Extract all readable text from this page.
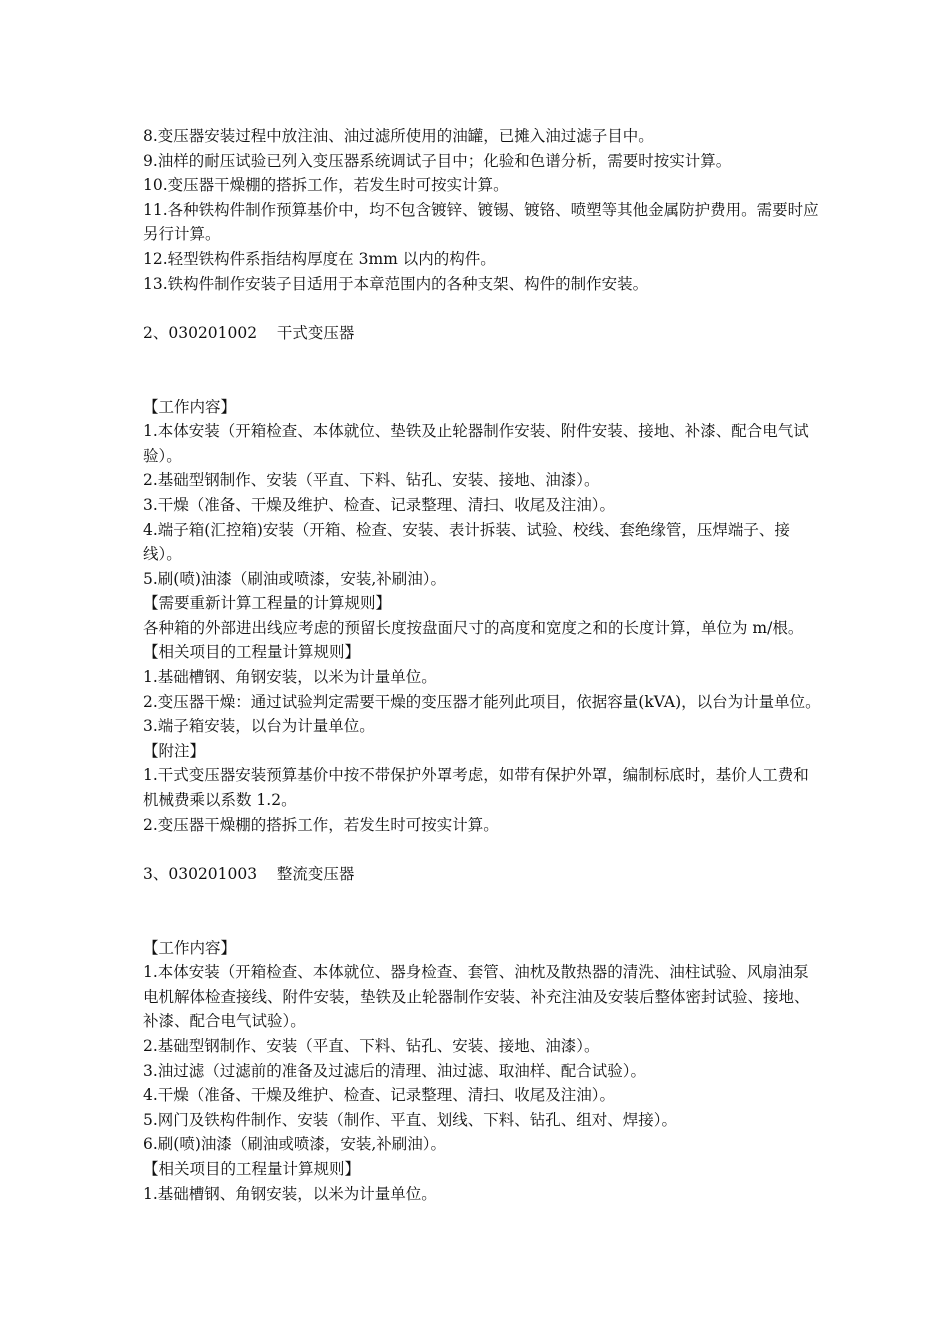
8.变压器安装过程中放注油、油过滤所使用的油罐，已摊入油过滤子目中。
9.油样的耐压试验已列入变压器系统调试子目中；化验和色谱分析，需要时按实计算。
10.变压器干燥棚的搭拆工作，若发生时可按实计算。
11.各种铁构件制作预算基价中，均不包含镀锌、镀锡、镀铬、喷塑等其他金属防护费用。需要时应另行计算。
12.轻型铁构件系指结构厚度在 3mm 以内的构件。
13.铁构件制作安装子目适用于本章范围内的各种支架、构件的制作安装。
2、030201002    干式变压器
【工作内容】
1.本体安装（开箱检查、本体就位、垫铁及止轮器制作安装、附件安装、接地、补漆、配合电气试验）。
2.基础型钢制作、安装（平直、下料、钻孔、安装、接地、油漆）。
3.干燥（准备、干燥及维护、检查、记录整理、清扫、收尾及注油）。
4.端子箱(汇控箱)安装（开箱、检查、安装、表计拆装、试验、校线、套绝缘管，压焊端子、接线）。
5.刷(喷)油漆（刷油或喷漆，安装,补刷油）。
【需要重新计算工程量的计算规则】
各种箱的外部进出线应考虑的预留长度按盘面尺寸的高度和宽度之和的长度计算，单位为 m/根。
【相关项目的工程量计算规则】
1.基础槽钢、角钢安装，以米为计量单位。
2.变压器干燥：通过试验判定需要干燥的变压器才能列此项目，依据容量(kVA)，以台为计量单位。
3.端子箱安装，以台为计量单位。
【附注】
1.干式变压器安装预算基价中按不带保护外罩考虑，如带有保护外罩，编制标底时，基价人工费和机械费乘以系数 1.2。
2.变压器干燥棚的搭拆工作，若发生时可按实计算。
3、030201003    整流变压器
【工作内容】
1.本体安装（开箱检查、本体就位、器身检查、套管、油枕及散热器的清洗、油柱试验、风扇油泵电机解体检查接线、附件安装，垫铁及止轮器制作安装、补充注油及安装后整体密封试验、接地、补漆、配合电气试验）。
2.基础型钢制作、安装（平直、下料、钻孔、安装、接地、油漆）。
3.油过滤（过滤前的准备及过滤后的清理、油过滤、取油样、配合试验）。
4.干燥（准备、干燥及维护、检查、记录整理、清扫、收尾及注油）。
5.网门及铁构件制作、安装（制作、平直、划线、下料、钻孔、组对、焊接）。
6.刷(喷)油漆（刷油或喷漆，安装,补刷油）。
【相关项目的工程量计算规则】
1.基础槽钢、角钢安装，以米为计量单位。
